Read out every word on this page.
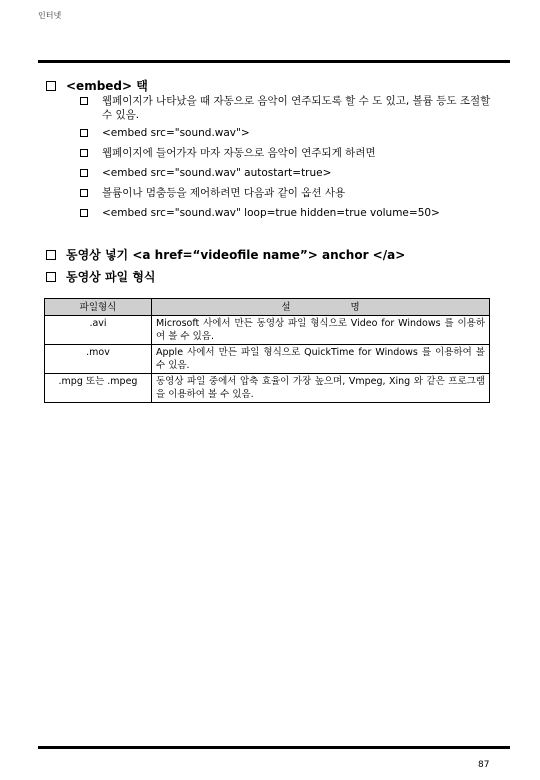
인터넷
<embed> 택
웹페이지가 나타났을 때 자동으로 음악이 연주되도록 할 수 도 있고, 볼륨 등도 조절할 수 있음.
<embed src="sound.wav">
웹페이지에 들어가자 마자 자동으로 음악이 연주되게 하려면
<embed src="sound.wav" autostart=true>
볼륨이나 멈춤등을 제어하려면 다음과 같이 옵션 사용
<embed src="sound.wav" loop=true hidden=true volume=50>
동영상 넣기 <a href=“videofile name”> anchor </a>
동영상 파일 형식
파일형식	설 명
.avi	Microsoft 사에서 만든 동영상 파일 형식으로 Video for Windows 를 이용하여 볼 수 있음.
.mov	Apple 사에서 만든 파일 형식으로 QuickTime for Windows 를 이용하여 볼 수 있음.
.mpg 또는 .mpeg	동영상 파일 중에서 압축 효율이 가장 높으며, Vmpeg, Xing 와 같은 프로그램을 이용하여 볼 수 있음.
87
